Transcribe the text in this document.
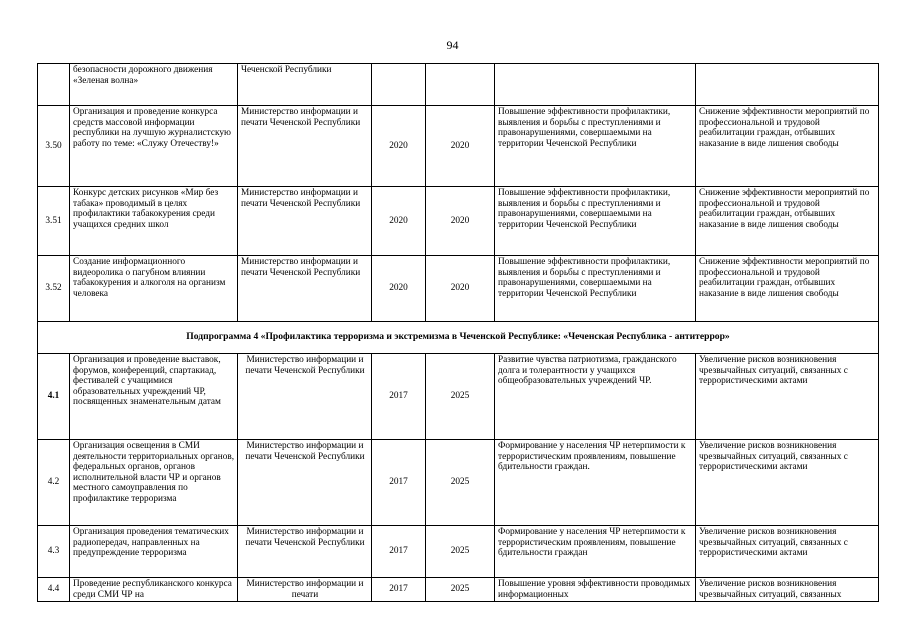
94
	безопасности дорожного движения «Зеленая волна»	Чеченской Республики				
3.50	Организация и проведение конкурса средств массовой информации республики на лучшую журналистскую работу по теме: «Служу Отечеству!»	Министерство информации и печати Чеченской Республики	2020	2020	Повышение эффективности профилактики, выявления и борьбы с преступлениями и правонарушениями, совершаемыми на территории Чеченской Республики	Снижение эффективности мероприятий по профессиональной и трудовой реабилитации граждан, отбывших наказание в виде лишения свободы
3.51	Конкурс детских рисунков «Мир без табака» проводимый в целях профилактики табакокурения среди учащихся средних школ	Министерство информации и печати Чеченской Республики	2020	2020	Повышение эффективности профилактики, выявления и борьбы с преступлениями и правонарушениями, совершаемыми на территории Чеченской Республики	Снижение эффективности мероприятий по профессиональной и трудовой реабилитации граждан, отбывших наказание в виде лишения свободы
3.52	Создание информационного видеоролика о пагубном влиянии табакокурения и алкоголя на организм человека	Министерство информации и печати Чеченской Республики	2020	2020	Повышение эффективности профилактики, выявления и борьбы с преступлениями и правонарушениями, совершаемыми на территории Чеченской Республики	Снижение эффективности мероприятий по профессиональной и трудовой реабилитации граждан, отбывших наказание в виде лишения свободы
Подпрограмма 4 «Профилактика терроризма и экстремизма в Чеченской Республике: «Чеченская Республика - антитеррор»						
4.1	Организация и проведение выставок, форумов, конференций, спартакиад, фестивалей с учащимися образовательных учреждений ЧР, посвященных знаменательным датам	Министерство информации и печати Чеченской Республики	2017	2025	Развитие чувства патриотизма, гражданского долга и толерантности у учащихся общеобразовательных учреждений ЧР.	Увеличение рисков возникновения чрезвычайных ситуаций, связанных с террористическими актами
4.2	Организация освещения в СМИ деятельности территориальных органов, федеральных органов, органов исполнительной власти ЧР и органов местного самоуправления по профилактике терроризма	Министерство информации и печати Чеченской Республики	2017	2025	Формирование у населения ЧР нетерпимости к террористическим проявлениям, повышение бдительности граждан.	Увеличение рисков возникновения чрезвычайных ситуаций, связанных с террористическими актами
4.3	Организация проведения тематических радиопередач, направленных на предупреждение терроризма	Министерство информации и печати Чеченской Республики	2017	2025	Формирование у населения ЧР нетерпимости к террористическим проявлениям, повышение бдительности граждан	Увеличение рисков возникновения чрезвычайных ситуаций, связанных с террористическими актами
4.4	Проведение республиканского конкурса среди СМИ ЧР на	Министерство информации и печати	2017	2025	Повышение уровня эффективности проводимых информационных	Увеличение рисков возникновения чрезвычайных ситуаций, связанных
